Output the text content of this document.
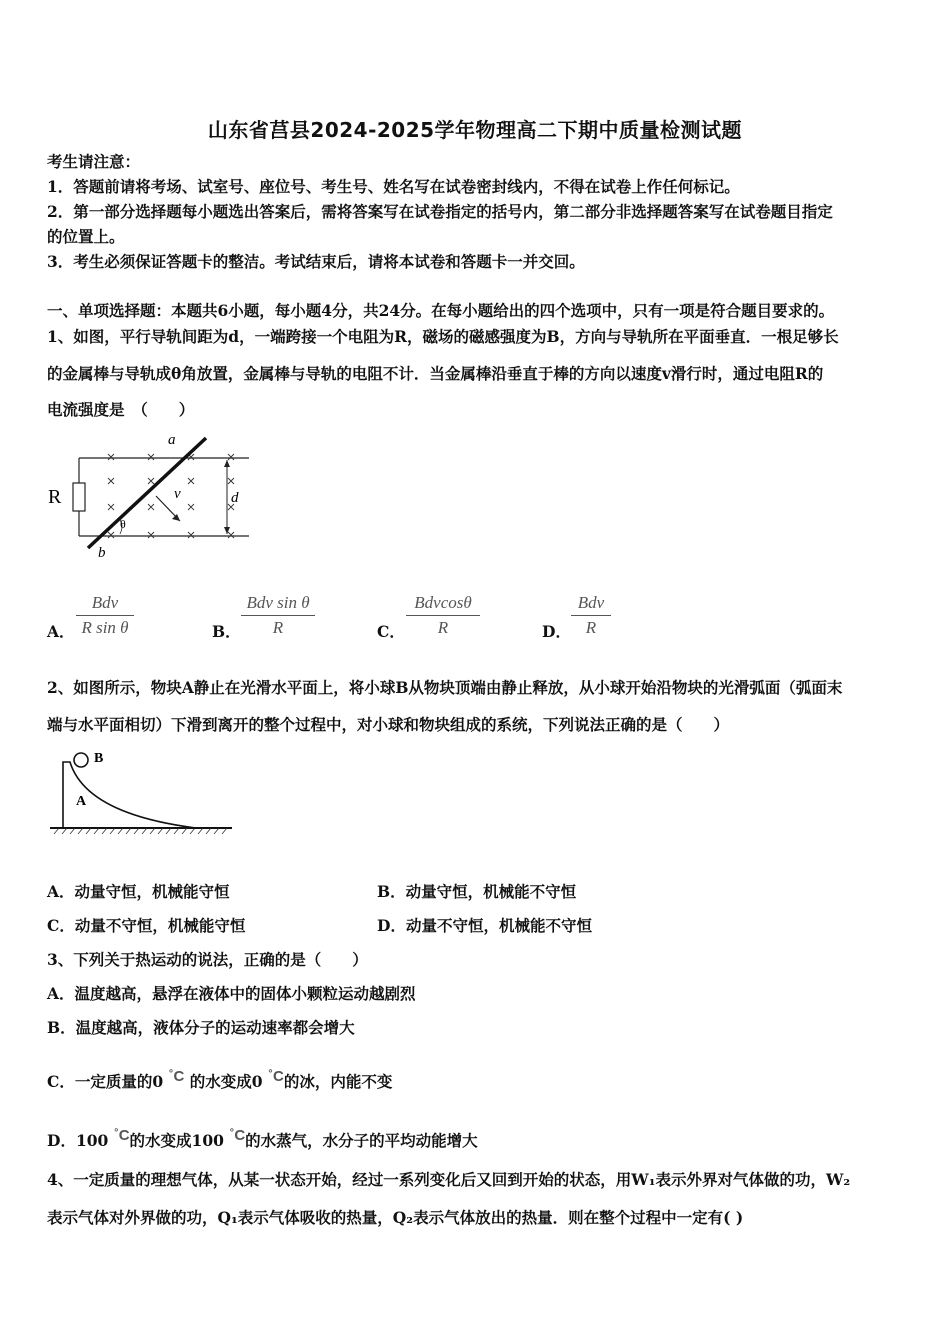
山东省莒县2024-2025学年物理高二下期中质量检测试题
考生请注意：
1．答题前请将考场、试室号、座位号、考生号、姓名写在试卷密封线内，不得在试卷上作任何标记。
2．第一部分选择题每小题选出答案后，需将答案写在试卷指定的括号内，第二部分非选择题答案写在试卷题目指定
的位置上。
3．考生必须保证答题卡的整洁。考试结束后，请将本试卷和答题卡一并交回。
一、单项选择题：本题共6小题，每小题4分，共24分。在每小题给出的四个选项中，只有一项是符合题目要求的。
1、如图，平行导轨间距为d，一端跨接一个电阻为R，磁场的磁感强度为B，方向与导轨所在平面垂直．一根足够长
的金属棒与导轨成θ角放置，金属棒与导轨的电阻不计．当金属棒沿垂直于棒的方向以速度v滑行时，通过电阻R的
电流强度是　（　　）
R
a
b
v	d
θ
A．
Bdv
R sin θ	B．
Bdv sin θ
R	C．
Bdvcosθ
R	D．
Bdv
R
2、如图所示，物块A静止在光滑水平面上，将小球B从物块顶端由静止释放，从小球开始沿物块的光滑弧面（弧面末
端与水平面相切）下滑到离开的整个过程中，对小球和物块组成的系统，下列说法正确的是（　　）
A
B
A．动量守恒，机械能守恒	B．动量守恒，机械能不守恒
C．动量不守恒，机械能守恒	D．动量不守恒，机械能不守恒
3、下列关于热运动的说法，正确的是（　　）
A．温度越高，悬浮在液体中的固体小颗粒运动越剧烈
B．温度越高，液体分子的运动速率都会增大
C．一定质量的0 °C 的水变成0 °C的冰，内能不变
D．100 °C的水变成100 °C的水蒸气，水分子的平均动能增大
4、一定质量的理想气体，从某一状态开始，经过一系列变化后又回到开始的状态，用W₁表示外界对气体做的功，W₂
表示气体对外界做的功，Q₁表示气体吸收的热量，Q₂表示气体放出的热量．则在整个过程中一定有( )
